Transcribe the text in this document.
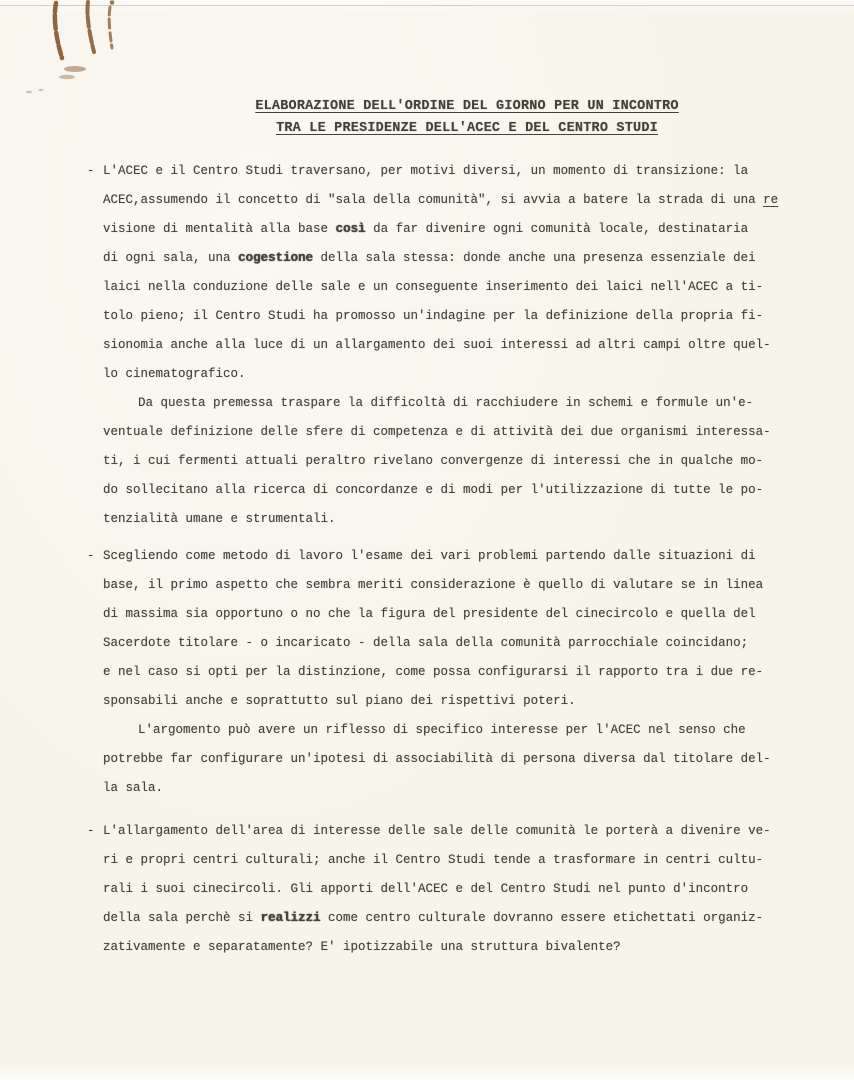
ELABORAZIONE DELL'ORDINE DEL GIORNO PER UN INCONTRO
TRA LE PRESIDENZE DELL'ACEC E DEL CENTRO STUDI
- L'ACEC e il Centro Studi traversano, per motivi diversi, un momento di transizione: la
ACEC,assumendo il concetto di "sala della comunità", si avvia a batere la strada di una re
visione di mentalità alla base così da far divenire ogni comunità locale, destinataria
di ogni sala, una cogestione della sala stessa: donde anche una presenza essenziale dei
laici nella conduzione delle sale e un conseguente inserimento dei laici nell'ACEC a ti-
tolo pieno; il Centro Studi ha promosso un'indagine per la definizione della propria fi-
sionomia anche alla luce di un allargamento dei suoi interessi ad altri campi oltre quel-
lo cinematografico.
Da questa premessa traspare la difficoltà di racchiudere in schemi e formule un'e-
ventuale definizione delle sfere di competenza e di attività dei due organismi interessa-
ti, i cui fermenti attuali peraltro rivelano convergenze di interessi che in qualche mo-
do sollecitano alla ricerca di concordanze e di modi per l'utilizzazione di tutte le po-
tenzialità umane e strumentali.
- Scegliendo come metodo di lavoro l'esame dei vari problemi partendo dalle situazioni di
base, il primo aspetto che sembra meriti considerazione è quello di valutare se in linea
di massima sia opportuno o no che la figura del presidente del cinecircolo e quella del
Sacerdote titolare - o incaricato - della sala della comunità parrocchiale coincidano;
e nel caso si opti per la distinzione, come possa configurarsi il rapporto tra i due re-
sponsabili anche e soprattutto sul piano dei rispettivi poteri.
L'argomento può avere un riflesso di specifico interesse per l'ACEC nel senso che
potrebbe far configurare un'ipotesi di associabilità di persona diversa dal titolare del-
la sala.
- L'allargamento dell'area di interesse delle sale delle comunità le porterà a divenire ve-
ri e propri centri culturali; anche il Centro Studi tende a trasformare in centri cultu-
rali i suoi cinecircoli. Gli apporti dell'ACEC e del Centro Studi nel punto d'incontro
della sala perchè si realizzi come centro culturale dovranno essere etichettati organiz-
zativamente e separatamente? E' ipotizzabile una struttura bivalente?
